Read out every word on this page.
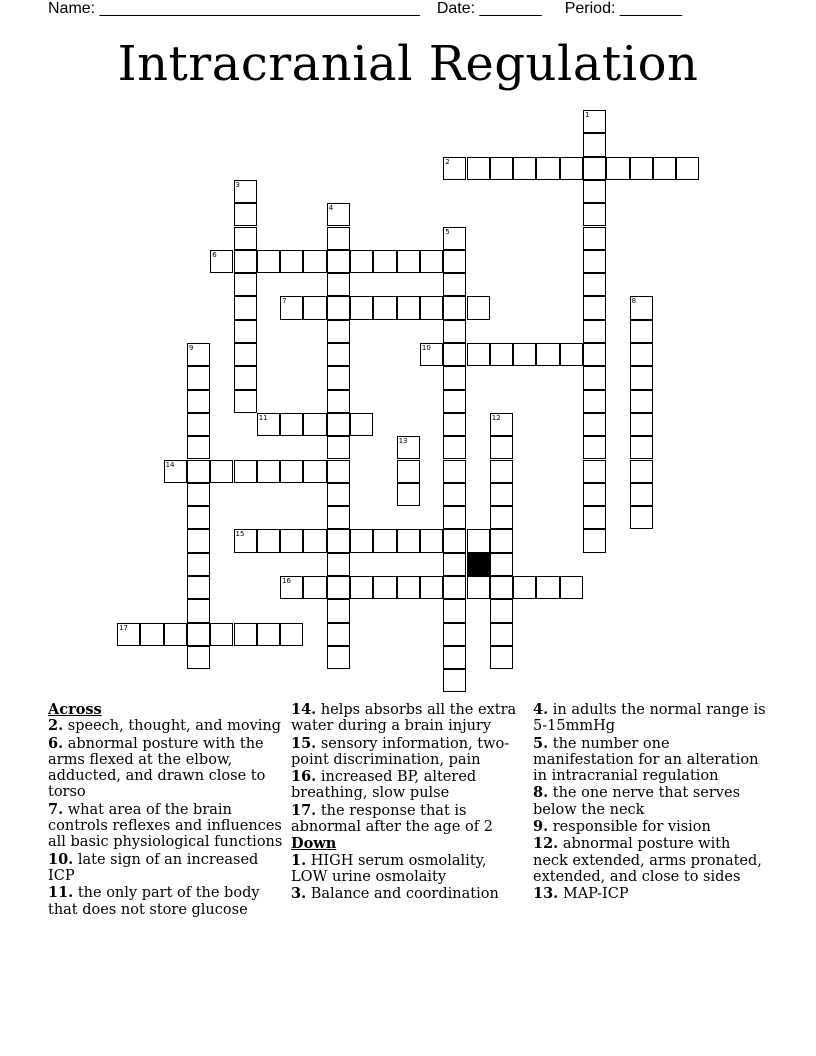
Name: ____________________________________ Date: _______ Period: _______
Intracranial Regulation
1
2
3
4
5
6
7	8
9	10
11	12
13
14
15
16
17
Across
2. speech, thought, and moving
6. abnormal posture with the arms flexed at the elbow, adducted, and drawn close to torso
7. what area of the brain controls reflexes and influences all basic physiological functions
10. late sign of an increased ICP
11. the only part of the body that does not store glucose
14. helps absorbs all the extra water during a brain injury
15. sensory information, two-point discrimination, pain
16. increased BP, altered breathing, slow pulse
17. the response that is abnormal after the age of 2
Down
1. HIGH serum osmolality, LOW urine osmolaity
3. Balance and coordination
4. in adults the normal range is 5-15mmHg
5. the number one manifestation for an alteration in intracranial regulation
8. the one nerve that serves below the neck
9. responsible for vision
12. abnormal posture with neck extended, arms pronated, extended, and close to sides
13. MAP-ICP
